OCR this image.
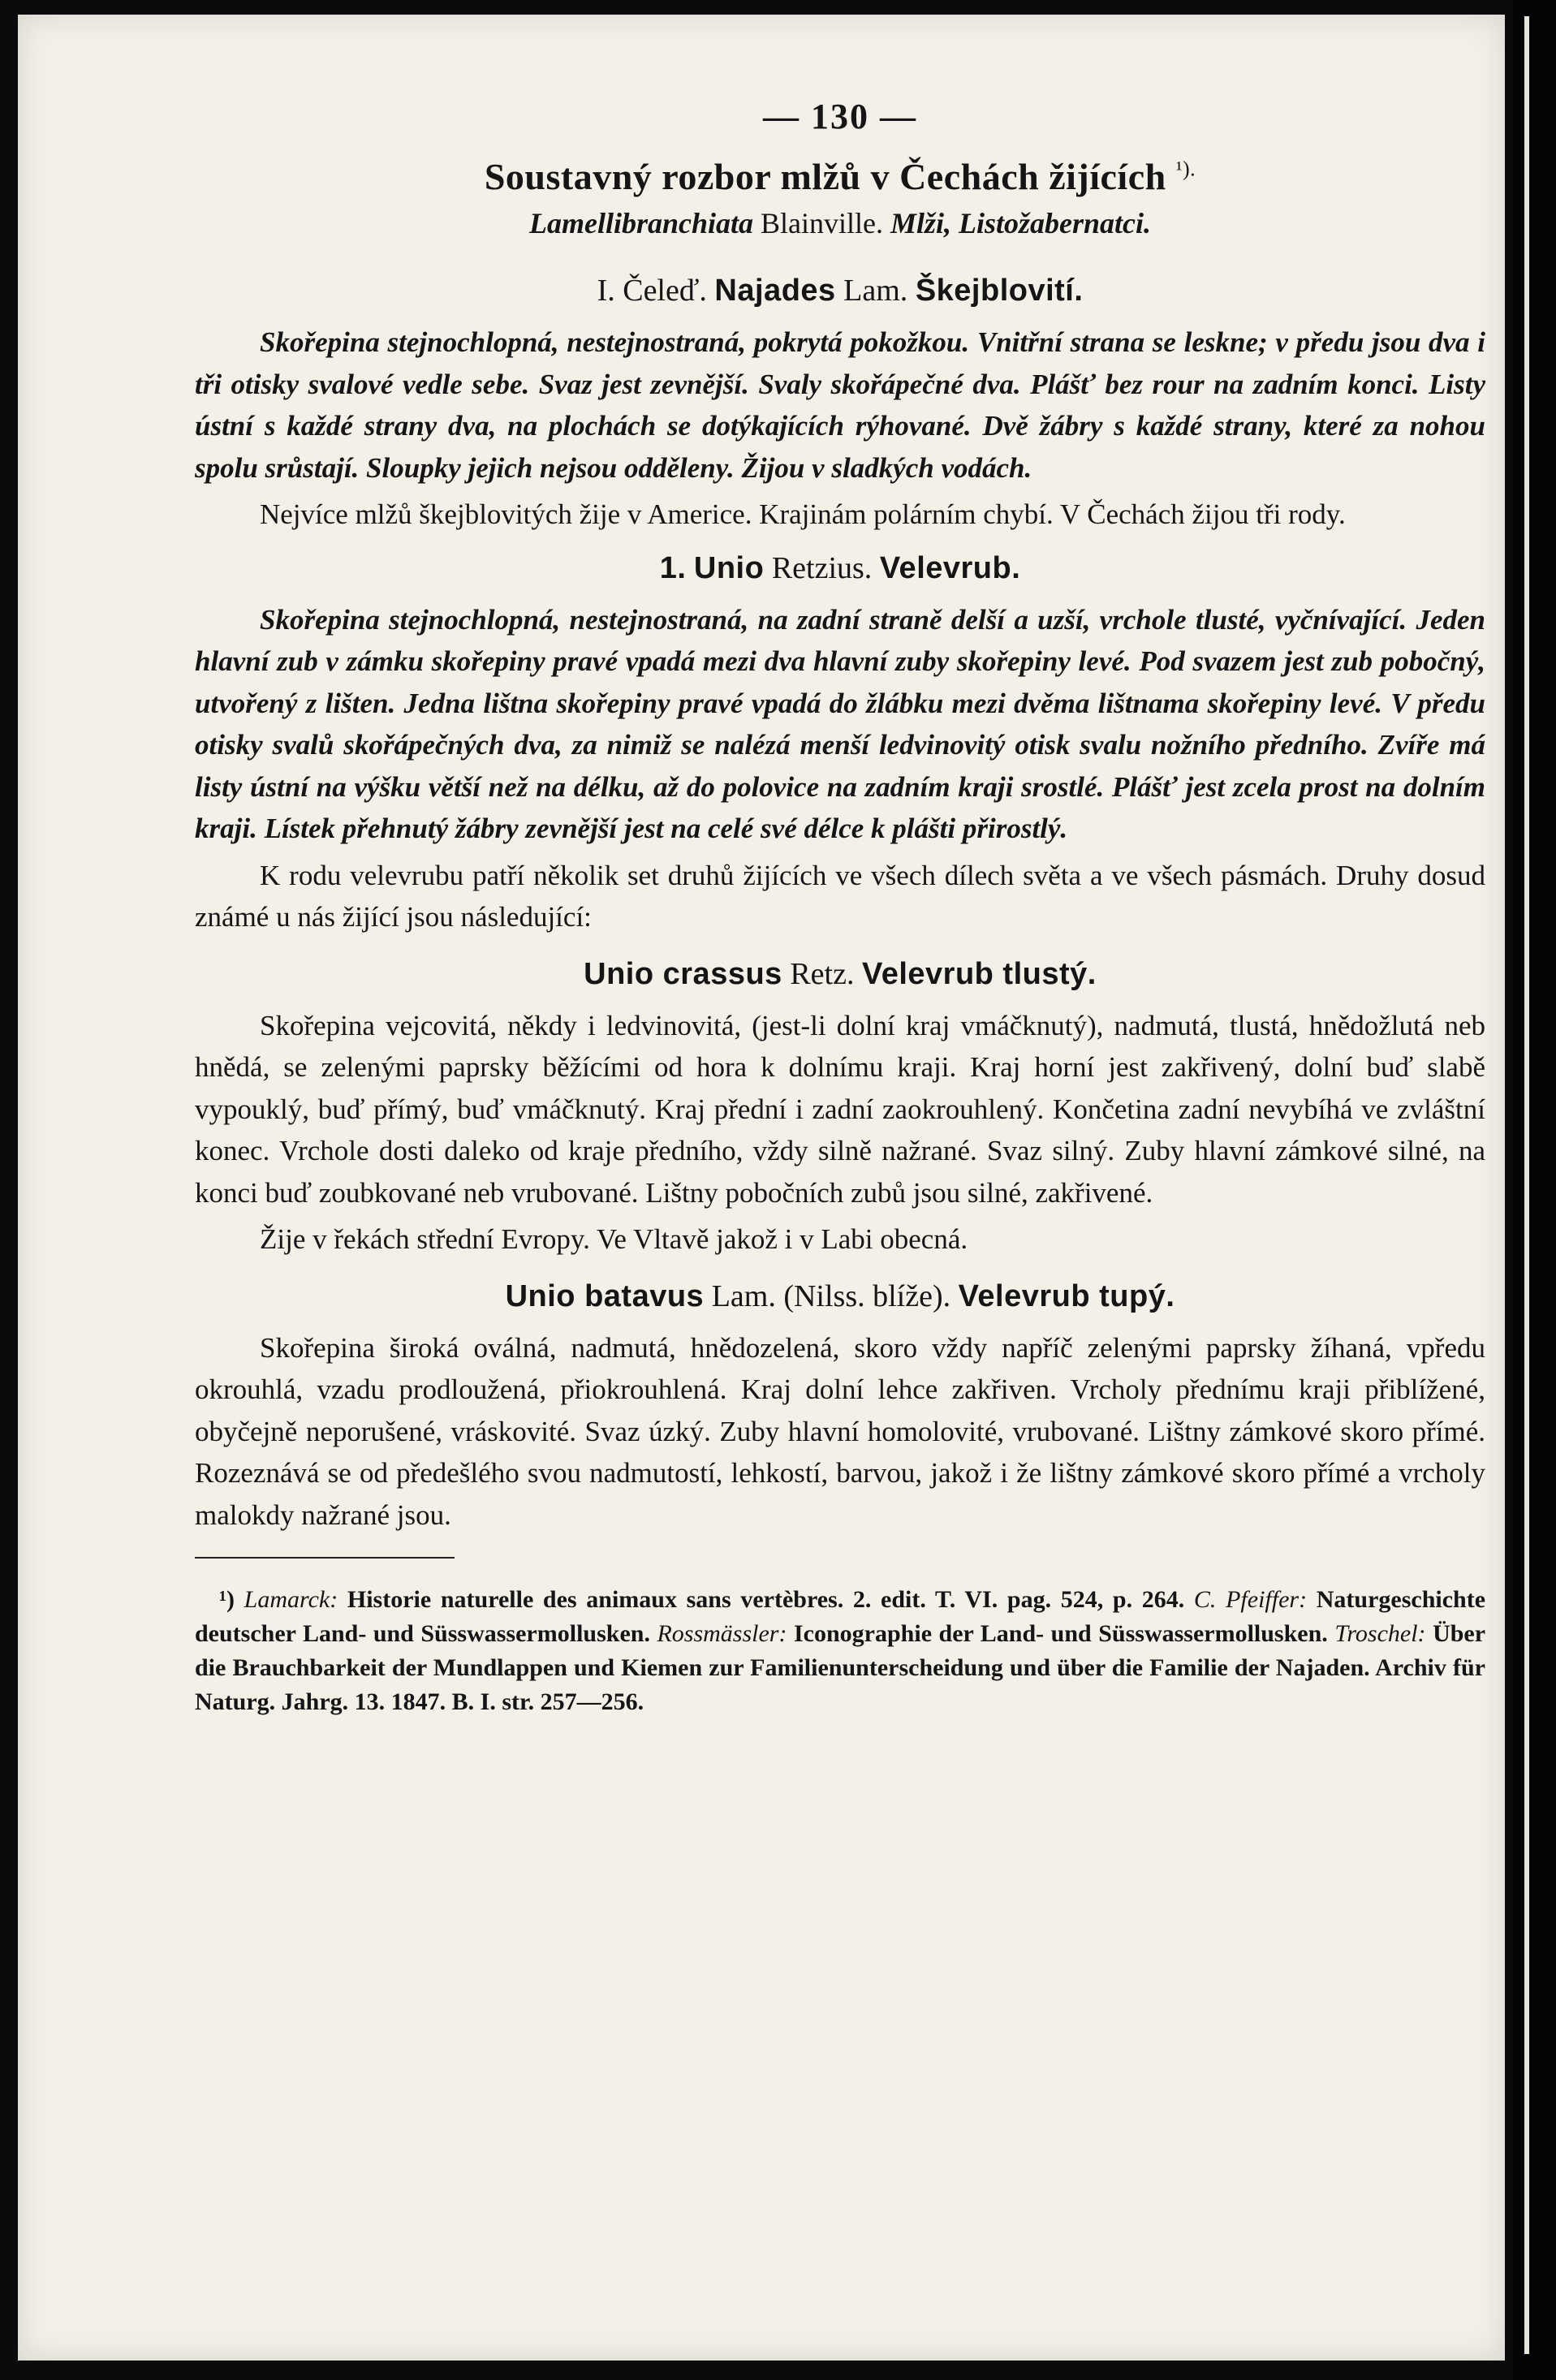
— 130 —
Soustavný rozbor mlžů v Čechách žijících $^{^1).}$
Lamellibranchiata Blainville. Mlži, Listožabernatci.
I. Čeleď. Najades Lam. Škejblovití.

Skořepina stejnochlopná, nestejnostraná, pokrytá pokožkou. Vnitřní strana se leskne; v předu jsou dva i tři otisky svalové vedle sebe. Svaz jest zevnější. Svaly skořápečné dva. Plášť bez rour na zadním konci. Listy ústní s každé strany dva, na plochách se dotýkajících rýhované. Dvě žábry s každé strany, které za nohou spolu srůstají. Sloupky jejich nejsou odděleny. Žijou v sladkých vodách.

Nejvíce mlžů škejblovitých žije v Americe. Krajinám polárním chybí. V Čechách žijou tři rody.

1. Unio Retzius. Velevrub.

Skořepina stejnochlopná, nestejnostraná, na zadní straně delší a uzší, vrchole tlusté, vyčnívající. Jeden hlavní zub v zámku skořepiny pravé vpadá mezi dva hlavní zuby skořepiny levé. Pod svazem jest zub pobočný, utvořený z lišten. Jedna lištna skořepiny pravé vpadá do žlábku mezi dvěma lištnama skořepiny levé. V předu otisky svalů skořápečných dva, za nimiž se nalézá menší ledvinovitý otisk svalu nožního předního. Zvíře má listy ústní na výšku větší než na délku, až do polovice na zadním kraji srostlé. Plášť jest zcela prost na dolním kraji. Lístek přehnutý žábry zevnější jest na celé své délce k plášti přirostlý.

K rodu velevrubu patří několik set druhů žijících ve všech dílech světa a ve všech pásmách. Druhy dosud známé u nás žijící jsou následující:

Unio crassus Retz. Velevrub tlustý.

Skořepina vejcovitá, někdy i ledvinovitá, (jest-li dolní kraj vmáčknutý), nadmutá, tlustá, hnědožlutá neb hnědá, se zelenými paprsky běžícími od hora k dolnímu kraji. Kraj horní jest zakřivený, dolní buď slabě vypouklý, buď přímý, buď vmáčknutý. Kraj přední i zadní zaokrouhlený. Končetina zadní nevybíhá ve zvláštní konec. Vrchole dosti daleko od kraje předního, vždy silně nažrané. Svaz silný. Zuby hlavní zámkové silné, na konci buď zoubkované neb vrubované. Lištny pobočních zubů jsou silné, zakřivené.

Žije v řekách střední Evropy. Ve Vltavě jakož i v Labi obecná.

Unio batavus Lam. (Nilss. blíže). Velevrub tupý.

Skořepina široká oválná, nadmutá, hnědozelená, skoro vždy napříč zelenými paprsky žíhaná, vpředu okrouhlá, vzadu prodloužená, přiokrouhlená. Kraj dolní lehce zakřiven. Vrcholy přednímu kraji přiblížené, obyčejně neporušené, vráskovité. Svaz úzký. Zuby hlavní homolovité, vrubované. Lištny zámkové skoro přímé. Rozeznává se od předešlého svou nadmutostí, lehkostí, barvou, jakož i že lištny zámkové skoro přímé a vrcholy malokdy nažrané jsou.

¹) Lamarck: Historie naturelle des animaux sans vertèbres. 2. edit. T. VI. pag. 524, p. 264. C. Pfeiffer: Naturgeschichte deutscher Land- und Süsswassermollusken. Rossmässler: Iconographie der Land- und Süsswassermollusken. Troschel: Über die Brauchbarkeit der Mundlappen und Kiemen zur Familienunterscheidung und über die Familie der Najaden. Archiv für Naturg. Jahrg. 13. 1847. B. I. str. 257—256.
